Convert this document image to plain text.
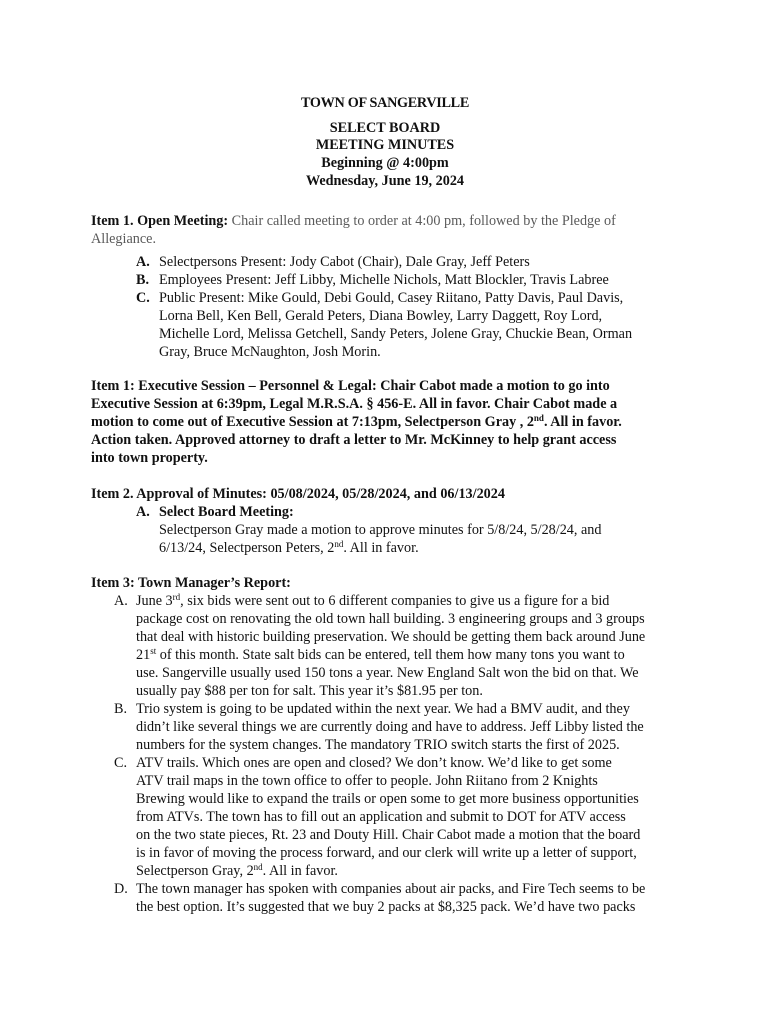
TOWN OF SANGERVILLE
SELECT BOARD
MEETING MINUTES
Beginning @ 4:00pm
Wednesday, June 19, 2024
Item 1. Open Meeting: Chair called meeting to order at 4:00 pm, followed by the Pledge of
Allegiance.
A. Selectpersons Present: Jody Cabot (Chair), Dale Gray, Jeff Peters
B. Employees Present: Jeff Libby, Michelle Nichols, Matt Blockler, Travis Labree
C. Public Present: Mike Gould, Debi Gould, Casey Riitano, Patty Davis, Paul Davis,
Lorna Bell, Ken Bell, Gerald Peters, Diana Bowley, Larry Daggett, Roy Lord,
Michelle Lord, Melissa Getchell, Sandy Peters, Jolene Gray, Chuckie Bean, Orman
Gray, Bruce McNaughton, Josh Morin.
Item 1: Executive Session – Personnel & Legal: Chair Cabot made a motion to go into
Executive Session at 6:39pm, Legal M.R.S.A. § 456-E. All in favor. Chair Cabot made a
motion to come out of Executive Session at 7:13pm, Selectperson Gray , 2nd. All in favor.
Action taken. Approved attorney to draft a letter to Mr. McKinney to help grant access
into town property.
Item 2. Approval of Minutes: 05/08/2024, 05/28/2024, and 06/13/2024
A. Select Board Meeting:
Selectperson Gray made a motion to approve minutes for 5/8/24, 5/28/24, and
6/13/24, Selectperson Peters, 2nd. All in favor.
Item 3: Town Manager’s Report:
A. June 3rd, six bids were sent out to 6 different companies to give us a figure for a bid
package cost on renovating the old town hall building. 3 engineering groups and 3 groups
that deal with historic building preservation. We should be getting them back around June
21st of this month. State salt bids can be entered, tell them how many tons you want to
use. Sangerville usually used 150 tons a year. New England Salt won the bid on that. We
usually pay $88 per ton for salt. This year it’s $81.95 per ton.
B. Trio system is going to be updated within the next year. We had a BMV audit, and they
didn’t like several things we are currently doing and have to address. Jeff Libby listed the
numbers for the system changes. The mandatory TRIO switch starts the first of 2025.
C. ATV trails. Which ones are open and closed? We don’t know. We’d like to get some
ATV trail maps in the town office to offer to people. John Riitano from 2 Knights
Brewing would like to expand the trails or open some to get more business opportunities
from ATVs. The town has to fill out an application and submit to DOT for ATV access
on the two state pieces, Rt. 23 and Douty Hill. Chair Cabot made a motion that the board
is in favor of moving the process forward, and our clerk will write up a letter of support,
Selectperson Gray, 2nd. All in favor.
D. The town manager has spoken with companies about air packs, and Fire Tech seems to be
the best option. It’s suggested that we buy 2 packs at $8,325 pack. We’d have two packs
